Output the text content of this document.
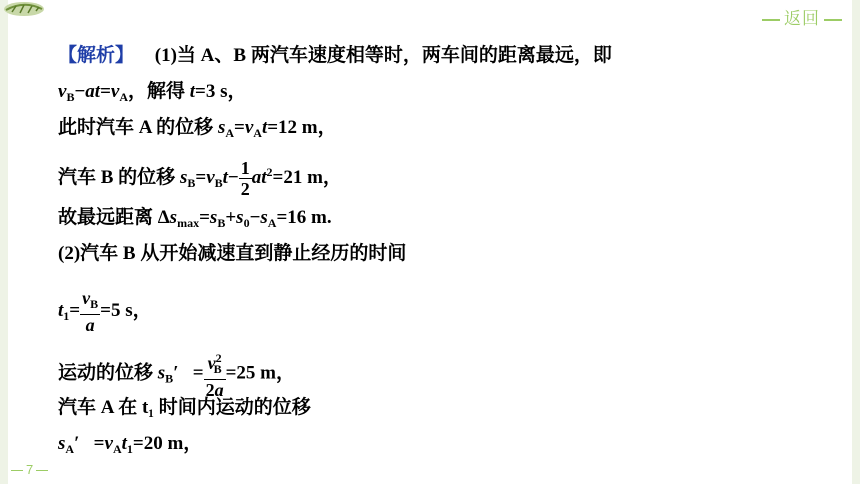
返回
【解析】 (1)当 A、B 两汽车速度相等时，两车间的距离最远，即
$v_B-at=v_A$，解得 t=3 s，
此时汽车 A 的位移 $s_A=v_At=12$ m，
汽车 B 的位移 $s_B=v_Bt- \frac{1}{2} at^2=21$ m，
故最远距离 $\Delta s_{max}=s_B+s_0-s_A=16$ m.
(2)汽车 B 从开始减速直到静止经历的时间
$t_1= \frac{v_B}{a} =5$ s，
运动的位移 $s_B' = \frac{v^2_B}{2a} =25$ m，
汽车 A 在 t₁ 时间内运动的位移
$s_A' =v_At_1=20$ m，
7
